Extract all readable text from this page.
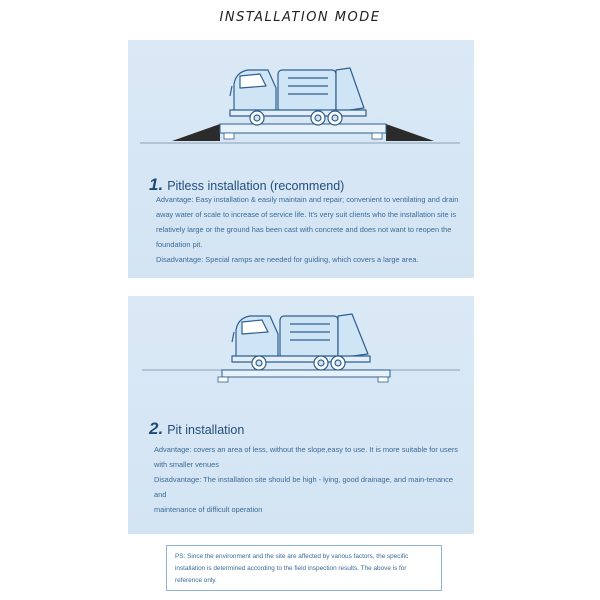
INSTALLATION MODE
1. Pitless installation (recommend)

Advantage: Easy installation & easily maintain and repair; convenient to ventilating and drain away water of scale to increase of service life. It's very suit clients who the installation site is relatively large or the ground has been cast with concrete and does not want to reopen the foundation pit.

Disadvantage: Special ramps are needed for guiding, which covers a large area.

2. Pit installation

Advantage: covers an area of less, without the slope,easy to use. It is more suitable for users with smaller venues

Disadvantage: The installation site should be high - lying, good drainage, and main-tenance and

maintenance of difficult operation

PS: Since the environment and the site are affected by various factors, the specific installation is determined according to the field inspection results. The above is for reference only.
